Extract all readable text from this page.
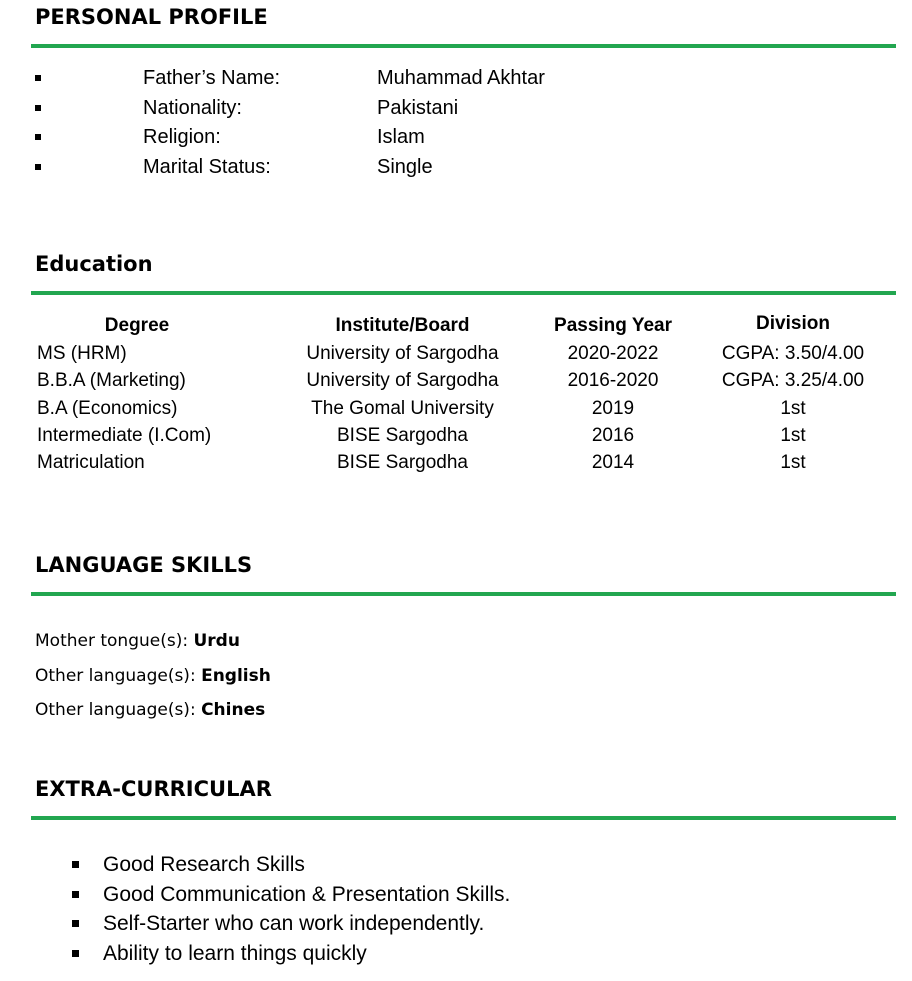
PERSONAL PROFILE
Father’s Name:	Muhammad Akhtar
Nationality:	Pakistani
Religion:	Islam
Marital Status:	Single
Education
Degree	Institute/Board	Passing Year	Division
MS (HRM)	University of Sargodha	2020-2022	CGPA: 3.50/4.00
B.B.A (Marketing)	University of Sargodha	2016-2020	CGPA: 3.25/4.00
B.A (Economics)	The Gomal University	2019	1st
Intermediate (I.Com)	BISE Sargodha	2016	1st
Matriculation	BISE Sargodha	2014	1st
LANGUAGE SKILLS
Mother tongue(s): Urdu
Other language(s): English
Other language(s): Chines
EXTRA-CURRICULAR
Good Research Skills
Good Communication & Presentation Skills.
Self-Starter who can work independently.
Ability to learn things quickly
